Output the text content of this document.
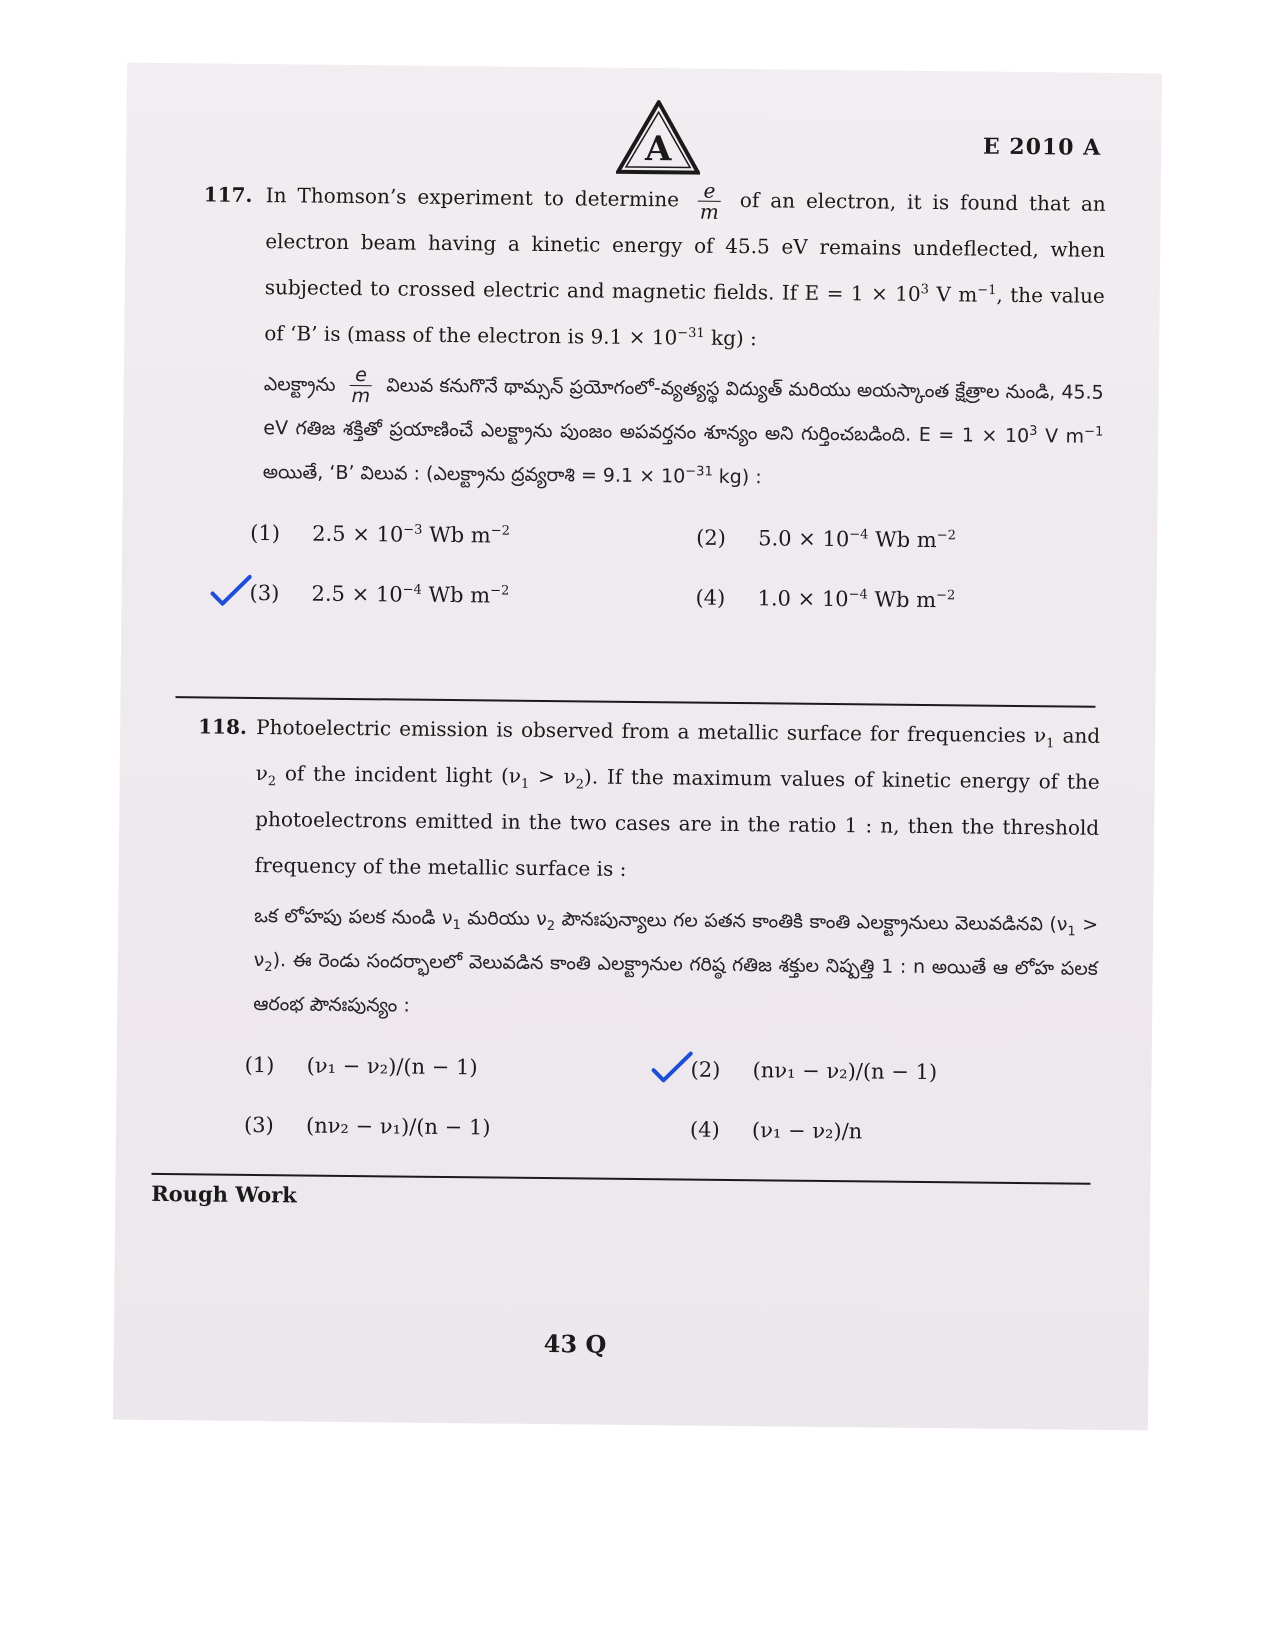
A	E 2010 A
117. In Thomson’s experiment to determine $\frac{e}{m}$ of an electron, it is found that an electron beam having a kinetic energy of 45.5 eV remains undeflected, when subjected to crossed electric and magnetic fields. If $E = 1 \times 10^3$ V $m^{-1}$, the value of ‘B’ is (mass of the electron is $9.1 \times 10^{-31}$ kg) :
ఎలక్ట్రాను $\frac{e}{m}$ విలువ కనుగొనే థామ్సన్ ప్రయోగంలో-వ్యత్యస్థ విద్యుత్ మరియు అయస్కాంత క్షేత్రాల నుండి, 45.5 eV గతిజ శక్తితో ప్రయాణించే ఎలక్ట్రాను పుంజం అపవర్తనం శూన్యం అని గుర్తించబడింది. $E = 1 \times 10^3$ V $m^{-1}$ అయితే, ‘B’ విలువ : (ఎలక్ట్రాను ద్రవ్యరాశి = $9.1 \times 10^{-31}$ kg) :
(1) $2.5 \times 10^{-3}$ Wb $m^{-2}$	(2) $5.0 \times 10^{-4}$ Wb $m^{-2}$
(3) $2.5 \times 10^{-4}$ Wb $m^{-2}$	(4) $1.0 \times 10^{-4}$ Wb $m^{-2}$
118. Photoelectric emission is observed from a metallic surface for frequencies $\nu_1$ and $\nu_2$ of the incident light $(\nu_1 > \nu_2)$. If the maximum values of kinetic energy of the photoelectrons emitted in the two cases are in the ratio 1 : n, then the threshold frequency of the metallic surface is :
ఒక లోహపు పలక నుండి $\nu_1$ మరియు $\nu_2$ పౌనఃపున్యాలు గల పతన కాంతికి కాంతి ఎలక్ట్రానులు వెలువడినవి $(\nu_1 > \nu_2)$. ఈ రెండు సందర్భాలలో వెలువడిన కాంతి ఎలక్ట్రానుల గరిష్ఠ గతిజ శక్తుల నిష్పత్తి 1 : n అయితే ఆ లోహ పలక ఆరంభ పౌనఃపున్యం :
(1) (ν₁ − ν₂)/(n − 1)	(2) (nν₁ − ν₂)/(n − 1)
(3) (nν₂ − ν₁)/(n − 1)	(4) (ν₁ − ν₂)/n
Rough Work
43 Q
